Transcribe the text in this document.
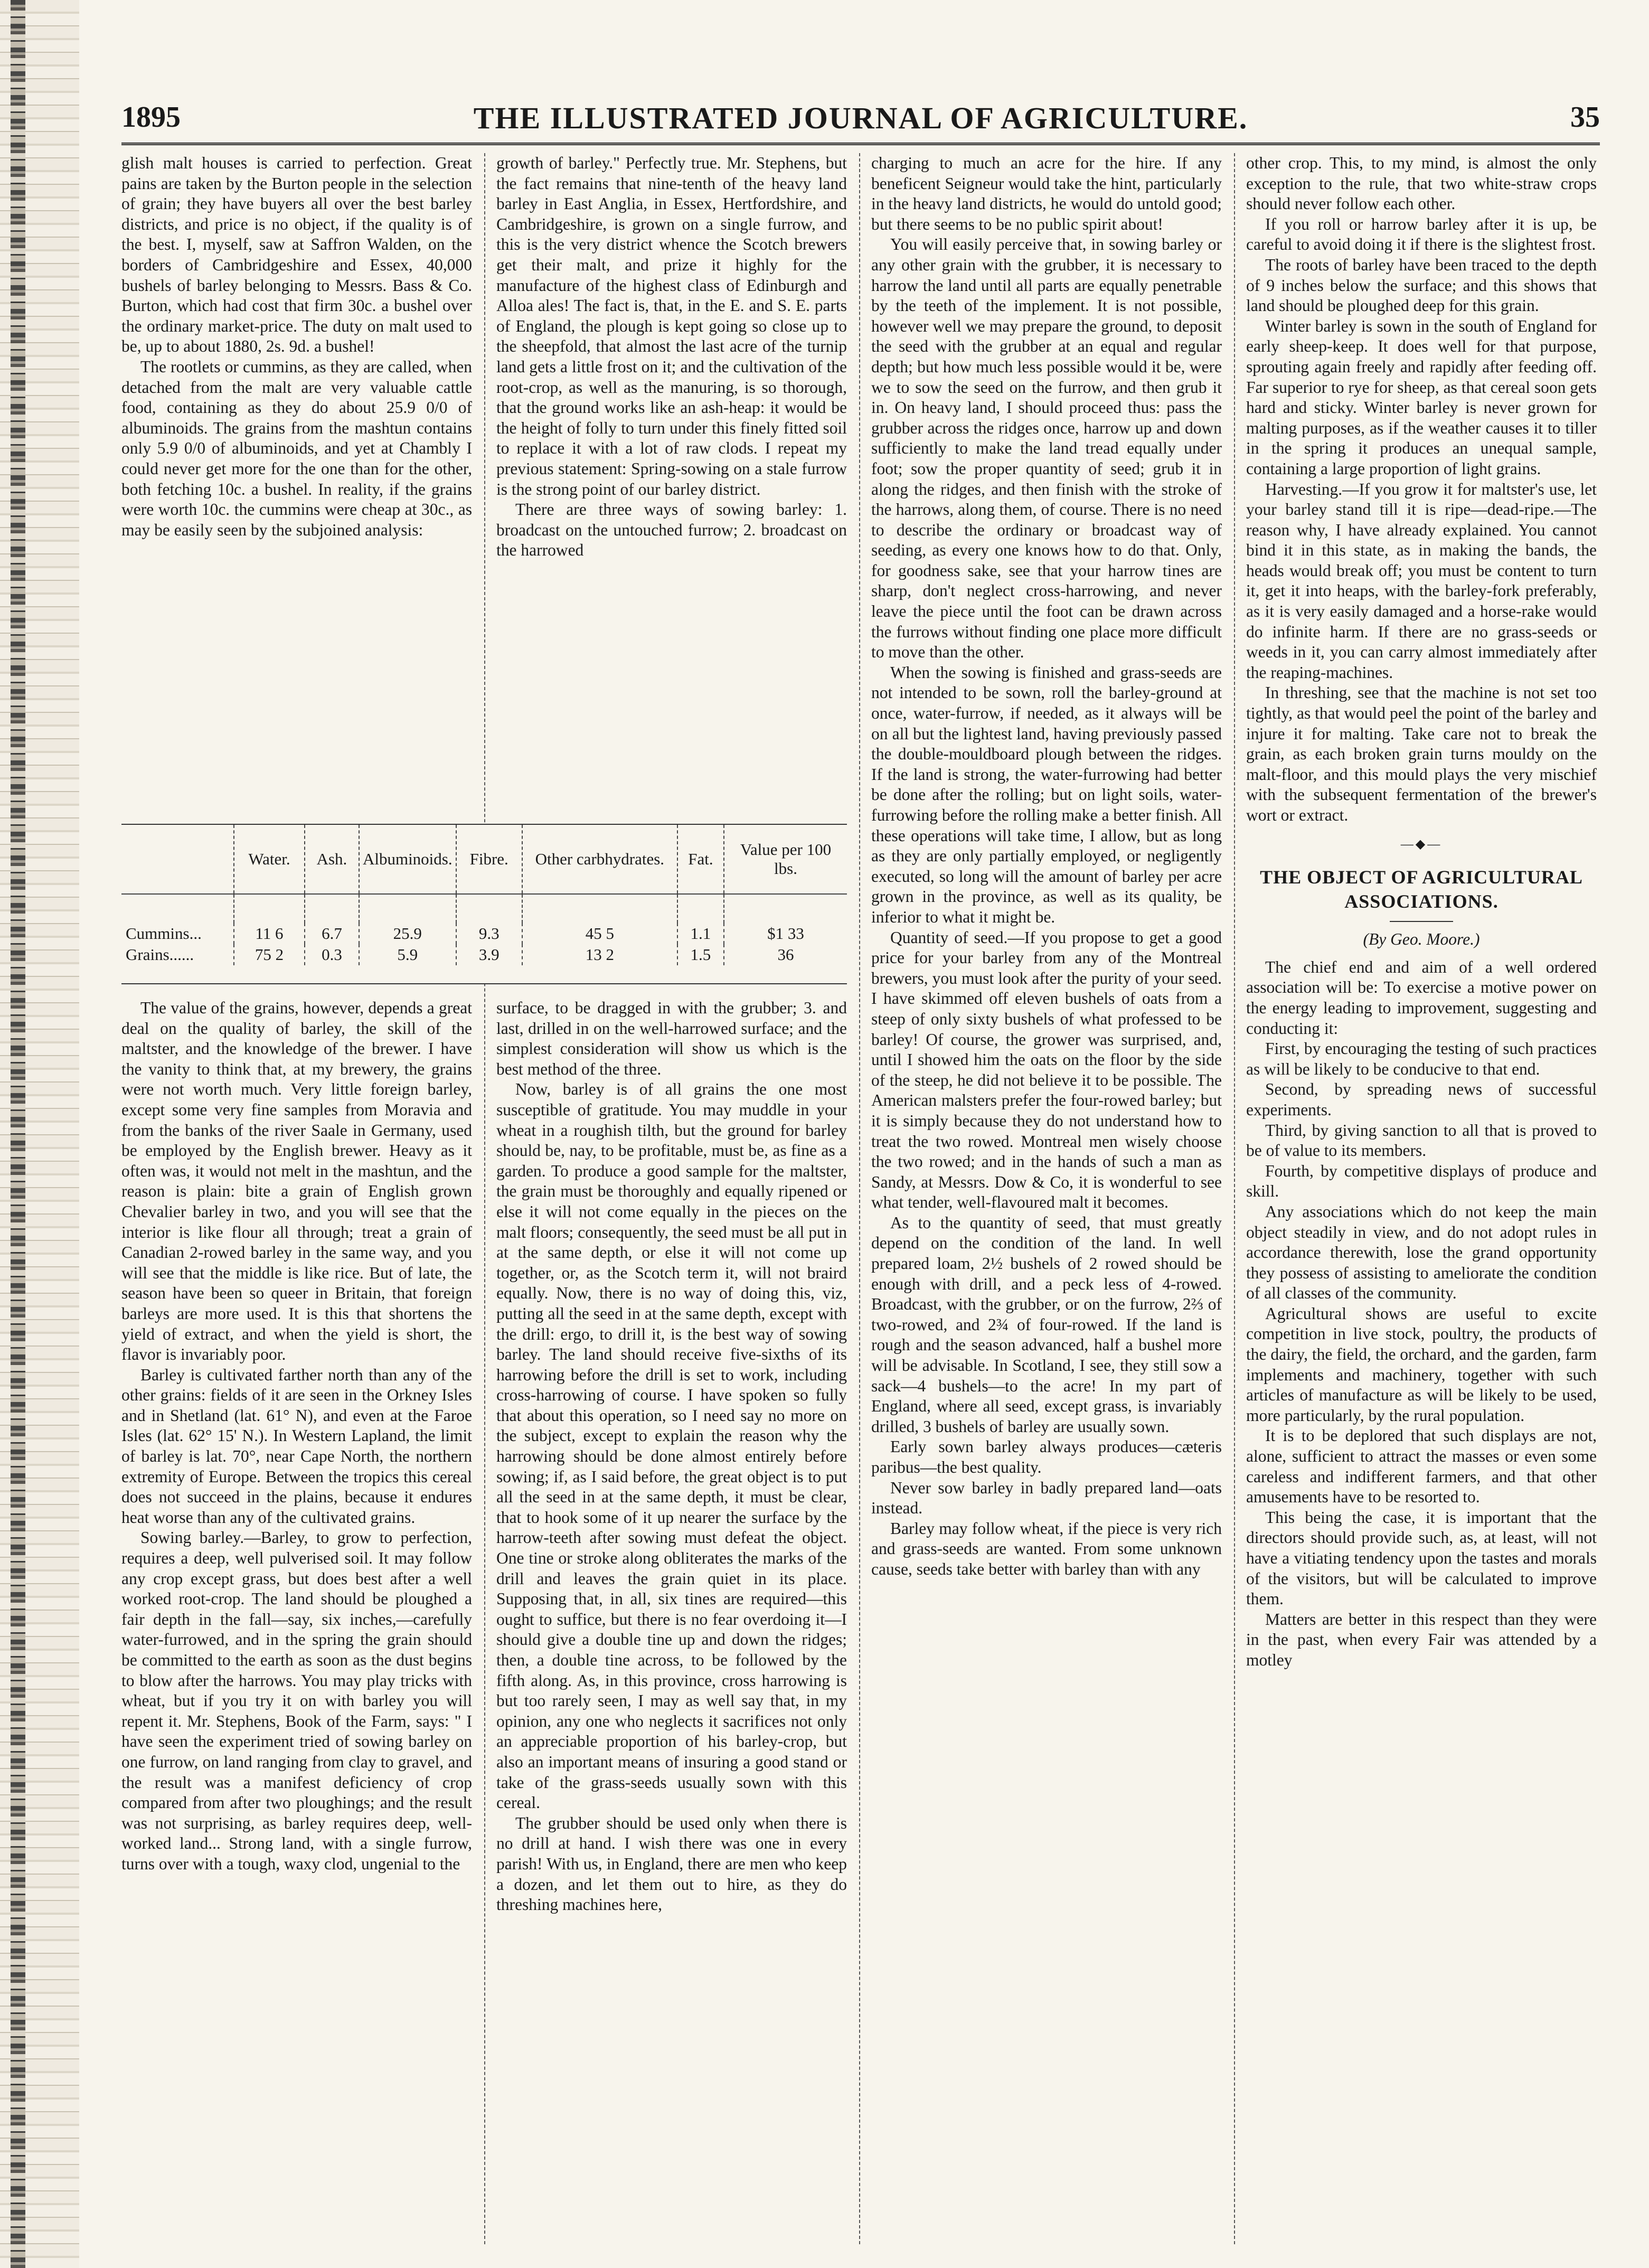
1895	THE ILLUSTRATED JOURNAL OF AGRICULTURE.	35

glish malt houses is carried to perfection. Great pains are taken by the Burton people in the selection of grain; they have buyers all over the best barley districts, and price is no object, if the quality is of the best. I, myself, saw at Saffron Walden, on the borders of Cambridgeshire and Essex, 40,000 bushels of barley belonging to Messrs. Bass & Co. Burton, which had cost that firm 30c. a bushel over the ordinary market-price. The duty on malt used to be, up to about 1880, 2s. 9d. a bushel!

The rootlets or cummins, as they are called, when detached from the malt are very valuable cattle food, containing as they do about 25.9 0/0 of albuminoids. The grains from the mashtun contains only 5.9 0/0 of albuminoids, and yet at Chambly I could never get more for the one than for the other, both fetching 10c. a bushel. In reality, if the grains were worth 10c. the cummins were cheap at 30c., as may be easily seen by the subjoined analysis:

The value of the grains, however, depends a great deal on the quality of barley, the skill of the maltster, and the knowledge of the brewer. I have the vanity to think that, at my brewery, the grains were not worth much. Very little foreign barley, except some very fine samples from Moravia and from the banks of the river Saale in Germany, used be employed by the English brewer. Heavy as it often was, it would not melt in the mashtun, and the reason is plain: bite a grain of English grown Chevalier barley in two, and you will see that the interior is like flour all through; treat a grain of Canadian 2-rowed barley in the same way, and you will see that the middle is like rice. But of late, the season have been so queer in Britain, that foreign barleys are more used. It is this that shortens the yield of extract, and when the yield is short, the flavor is invariably poor.

Barley is cultivated farther north than any of the other grains: fields of it are seen in the Orkney Isles and in Shetland (lat. 61° N), and even at the Faroe Isles (lat. 62° 15' N.). In Western Lapland, the limit of barley is lat. 70°, near Cape North, the northern extremity of Europe. Between the tropics this cereal does not succeed in the plains, because it endures heat worse than any of the cultivated grains.

Sowing barley.—Barley, to grow to perfection, requires a deep, well pulverised soil. It may follow any crop except grass, but does best after a well worked root-crop. The land should be ploughed a fair depth in the fall—say, six inches,—carefully water-furrowed, and in the spring the grain should be committed to the earth as soon as the dust begins to blow after the harrows. You may play tricks with wheat, but if you try it on with barley you will repent it. Mr. Stephens, Book of the Farm, says: " I have seen the experiment tried of sowing barley on one furrow, on land ranging from clay to gravel, and the result was a manifest deficiency of crop compared from after two ploughings; and the result was not surprising, as barley requires deep, well-worked land... Strong land, with a single furrow, turns over with a tough, waxy clod, ungenial to the

growth of barley." Perfectly true. Mr. Stephens, but the fact remains that nine-tenth of the heavy land barley in East Anglia, in Essex, Hertfordshire, and Cambridgeshire, is grown on a single furrow, and this is the very district whence the Scotch brewers get their malt, and prize it highly for the manufacture of the highest class of Edinburgh and Alloa ales! The fact is, that, in the E. and S. E. parts of England, the plough is kept going so close up to the sheepfold, that almost the last acre of the turnip land gets a little frost on it; and the cultivation of the root-crop, as well as the manuring, is so thorough, that the ground works like an ash-heap: it would be the height of folly to turn under this finely fitted soil to replace it with a lot of raw clods. I repeat my previous statement: Spring-sowing on a stale furrow is the strong point of our barley district.

There are three ways of sowing barley: 1. broadcast on the untouched furrow; 2. broadcast on the harrowed

surface, to be dragged in with the grubber; 3. and last, drilled in on the well-harrowed surface; and the simplest consideration will show us which is the best method of the three.

Now, barley is of all grains the one most susceptible of gratitude. You may muddle in your wheat in a roughish tilth, but the ground for barley should be, nay, to be profitable, must be, as fine as a garden. To produce a good sample for the maltster, the grain must be thoroughly and equally ripened or else it will not come equally in the pieces on the malt floors; consequently, the seed must be all put in at the same depth, or else it will not come up together, or, as the Scotch term it, will not braird equally. Now, there is no way of doing this, viz, putting all the seed in at the same depth, except with the drill: ergo, to drill it, is the best way of sowing barley. The land should receive five-sixths of its harrowing before the drill is set to work, including cross-harrowing of course. I have spoken so fully that about this operation, so I need say no more on the subject, except to explain the reason why the harrowing should be done almost entirely before sowing; if, as I said before, the great object is to put all the seed in at the same depth, it must be clear, that to hook some of it up nearer the surface by the harrow-teeth after sowing must defeat the object. One tine or stroke along obliterates the marks of the drill and leaves the grain quiet in its place. Supposing that, in all, six tines are required—this ought to suffice, but there is no fear overdoing it—I should give a double tine up and down the ridges; then, a double tine across, to be followed by the fifth along. As, in this province, cross harrowing is but too rarely seen, I may as well say that, in my opinion, any one who neglects it sacrifices not only an appreciable proportion of his barley-crop, but also an important means of insuring a good stand or take of the grass-seeds usually sown with this cereal.

The grubber should be used only when there is no drill at hand. I wish there was one in every parish! With us, in England, there are men who keep a dozen, and let them out to hire, as they do threshing machines here,

	Water.	Ash.	Albuminoids.	Fibre.	Other carbhydrates.	Fat.	Value per 100 lbs.

Cummins...	11 6	6.7	25.9	9.3	45 5	1.1	$1 33
Grains......	75 2	0.3	5.9	3.9	13 2	1.5	36

charging to much an acre for the hire. If any beneficent Seigneur would take the hint, particularly in the heavy land districts, he would do untold good; but there seems to be no public spirit about!

You will easily perceive that, in sowing barley or any other grain with the grubber, it is necessary to harrow the land until all parts are equally penetrable by the teeth of the implement. It is not possible, however well we may prepare the ground, to deposit the seed with the grubber at an equal and regular depth; but how much less possible would it be, were we to sow the seed on the furrow, and then grub it in. On heavy land, I should proceed thus: pass the grubber across the ridges once, harrow up and down sufficiently to make the land tread equally under foot; sow the proper quantity of seed; grub it in along the ridges, and then finish with the stroke of the harrows, along them, of course. There is no need to describe the ordinary or broadcast way of seeding, as every one knows how to do that. Only, for goodness sake, see that your harrow tines are sharp, don't neglect cross-harrowing, and never leave the piece until the foot can be drawn across the furrows without finding one place more difficult to move than the other.

When the sowing is finished and grass-seeds are not intended to be sown, roll the barley-ground at once, water-furrow, if needed, as it always will be on all but the lightest land, having previously passed the double-mouldboard plough between the ridges. If the land is strong, the water-furrowing had better be done after the rolling; but on light soils, water-furrowing before the rolling make a better finish. All these operations will take time, I allow, but as long as they are only partially employed, or negligently executed, so long will the amount of barley per acre grown in the province, as well as its quality, be inferior to what it might be.

Quantity of seed.—If you propose to get a good price for your barley from any of the Montreal brewers, you must look after the purity of your seed. I have skimmed off eleven bushels of oats from a steep of only sixty bushels of what professed to be barley! Of course, the grower was surprised, and, until I showed him the oats on the floor by the side of the steep, he did not believe it to be possible. The American malsters prefer the four-rowed barley; but it is simply because they do not understand how to treat the two rowed. Montreal men wisely choose the two rowed; and in the hands of such a man as Sandy, at Messrs. Dow & Co, it is wonderful to see what tender, well-flavoured malt it becomes.

As to the quantity of seed, that must greatly depend on the condition of the land. In well prepared loam, 2½ bushels of 2 rowed should be enough with drill, and a peck less of 4-rowed. Broadcast, with the grubber, or on the furrow, 2⅔ of two-rowed, and 2¾ of four-rowed. If the land is rough and the season advanced, half a bushel more will be advisable. In Scotland, I see, they still sow a sack—4 bushels—to the acre! In my part of England, where all seed, except grass, is invariably drilled, 3 bushels of barley are usually sown.

Early sown barley always produces—cæteris paribus—the best quality.

Never sow barley in badly prepared land—oats instead.

Barley may follow wheat, if the piece is very rich and grass-seeds are wanted. From some unknown cause, seeds take better with barley than with any

other crop. This, to my mind, is almost the only exception to the rule, that two white-straw crops should never follow each other.

If you roll or harrow barley after it is up, be careful to avoid doing it if there is the slightest frost.

The roots of barley have been traced to the depth of 9 inches below the surface; and this shows that land should be ploughed deep for this grain.

Winter barley is sown in the south of England for early sheep-keep. It does well for that purpose, sprouting again freely and rapidly after feeding off. Far superior to rye for sheep, as that cereal soon gets hard and sticky. Winter barley is never grown for malting purposes, as if the weather causes it to tiller in the spring it produces an unequal sample, containing a large proportion of light grains.

Harvesting.—If you grow it for maltster's use, let your barley stand till it is ripe—dead-ripe.—The reason why, I have already explained. You cannot bind it in this state, as in making the bands, the heads would break off; you must be content to turn it, get it into heaps, with the barley-fork preferably, as it is very easily damaged and a horse-rake would do infinite harm. If there are no grass-seeds or weeds in it, you can carry almost immediately after the reaping-machines.

In threshing, see that the machine is not set too tightly, as that would peel the point of the barley and injure it for malting. Take care not to break the grain, as each broken grain turns mouldy on the malt-floor, and this mould plays the very mischief with the subsequent fermentation of the brewer's wort or extract.

—◆—
THE OBJECT OF AGRICULTURAL ASSOCIATIONS.
(By Geo. Moore.)

The chief end and aim of a well ordered association will be: To exercise a motive power on the energy leading to improvement, suggesting and conducting it:

First, by encouraging the testing of such practices as will be likely to be conducive to that end.

Second, by spreading news of successful experiments.

Third, by giving sanction to all that is proved to be of value to its members.

Fourth, by competitive displays of produce and skill.

Any associations which do not keep the main object steadily in view, and do not adopt rules in accordance therewith, lose the grand opportunity they possess of assisting to ameliorate the condition of all classes of the community.

Agricultural shows are useful to excite competition in live stock, poultry, the products of the dairy, the field, the orchard, and the garden, farm implements and machinery, together with such articles of manufacture as will be likely to be used, more particularly, by the rural population.

It is to be deplored that such displays are not, alone, sufficient to attract the masses or even some careless and indifferent farmers, and that other amusements have to be resorted to.

This being the case, it is important that the directors should provide such, as, at least, will not have a vitiating tendency upon the tastes and morals of the visitors, but will be calculated to improve them.

Matters are better in this respect than they were in the past, when every Fair was attended by a motley
